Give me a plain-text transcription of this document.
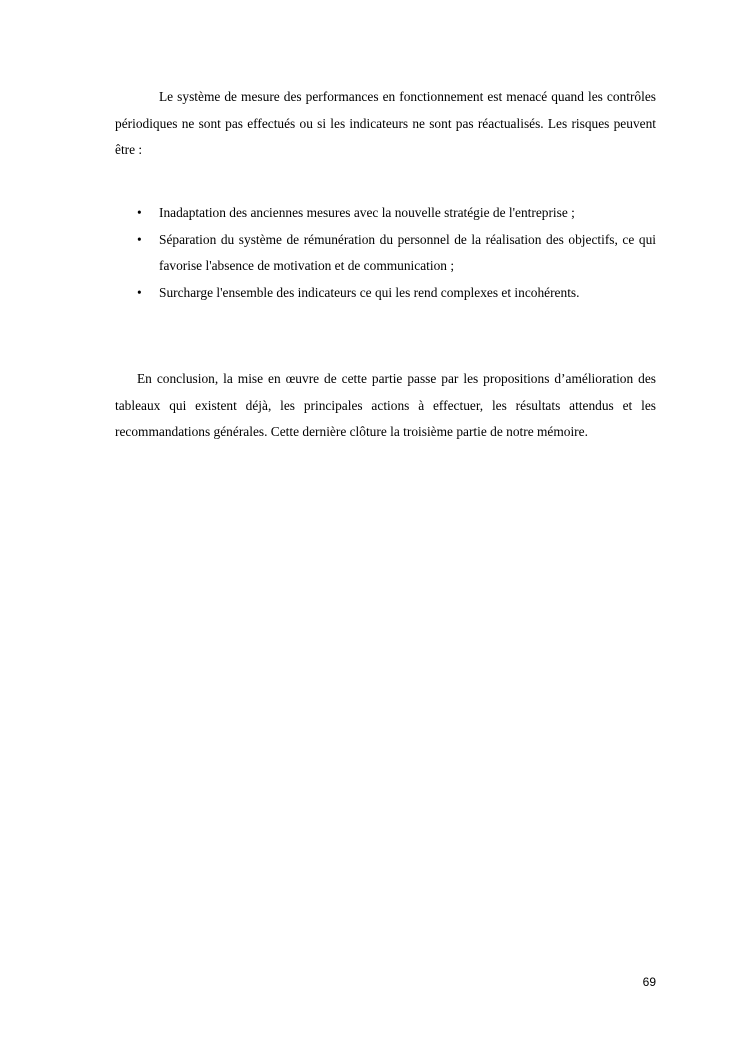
Le système de mesure des performances en fonctionnement est menacé quand les contrôles périodiques ne sont pas effectués ou si les indicateurs ne sont pas réactualisés. Les risques peuvent être :

• Inadaptation des anciennes mesures avec la nouvelle stratégie de l'entreprise ;
• Séparation du système de rémunération du personnel de la réalisation des objectifs, ce qui favorise l'absence de motivation et de communication ;
• Surcharge l'ensemble des indicateurs ce qui les rend complexes et incohérents.

En conclusion, la mise en œuvre de cette partie passe par les propositions d’amélioration des tableaux qui existent déjà, les principales actions à effectuer, les résultats attendus et les recommandations générales. Cette dernière clôture la troisième partie de notre mémoire.

69
